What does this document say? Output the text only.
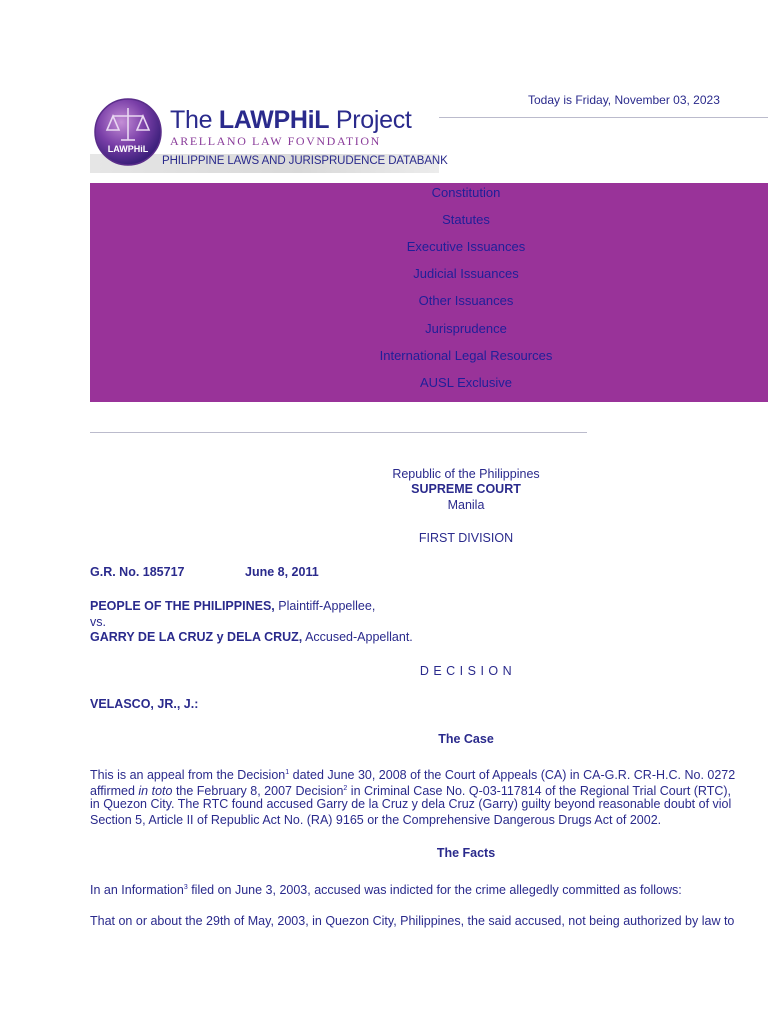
LAWPHiL
The LAWPHiL Project
ARELLANO LAW FOVNDATION
PHILIPPINE LAWS AND JURISPRUDENCE DATABANK
Today is Friday, November 03, 2023
Constitution
Statutes
Executive Issuances
Judicial Issuances
Other Issuances
Jurisprudence
International Legal Resources
AUSL Exclusive
Republic of the Philippines
SUPREME COURT
Manila
FIRST DIVISION
G.R. No. 185717	June 8, 2011
PEOPLE OF THE PHILIPPINES, Plaintiff-Appellee,
vs.
GARRY DE LA CRUZ y DELA CRUZ, Accused-Appellant.
D E C I S I O N
VELASCO, JR., J.:
The Case
This is an appeal from the Decision$^1$ dated June 30, 2008 of the Court of Appeals (CA) in CA-G.R. CR-H.C. No. 0272
affirmed in toto the February 8, 2007 Decision$^2$ in Criminal Case No. Q-03-117814 of the Regional Trial Court (RTC),
in Quezon City. The RTC found accused Garry de la Cruz y dela Cruz (Garry) guilty beyond reasonable doubt of viol
Section 5, Article II of Republic Act No. (RA) 9165 or the Comprehensive Dangerous Drugs Act of 2002.
The Facts
In an Information$^3$ filed on June 3, 2003, accused was indicted for the crime allegedly committed as follows:
That on or about the 29th of May, 2003, in Quezon City, Philippines, the said accused, not being authorized by law to
